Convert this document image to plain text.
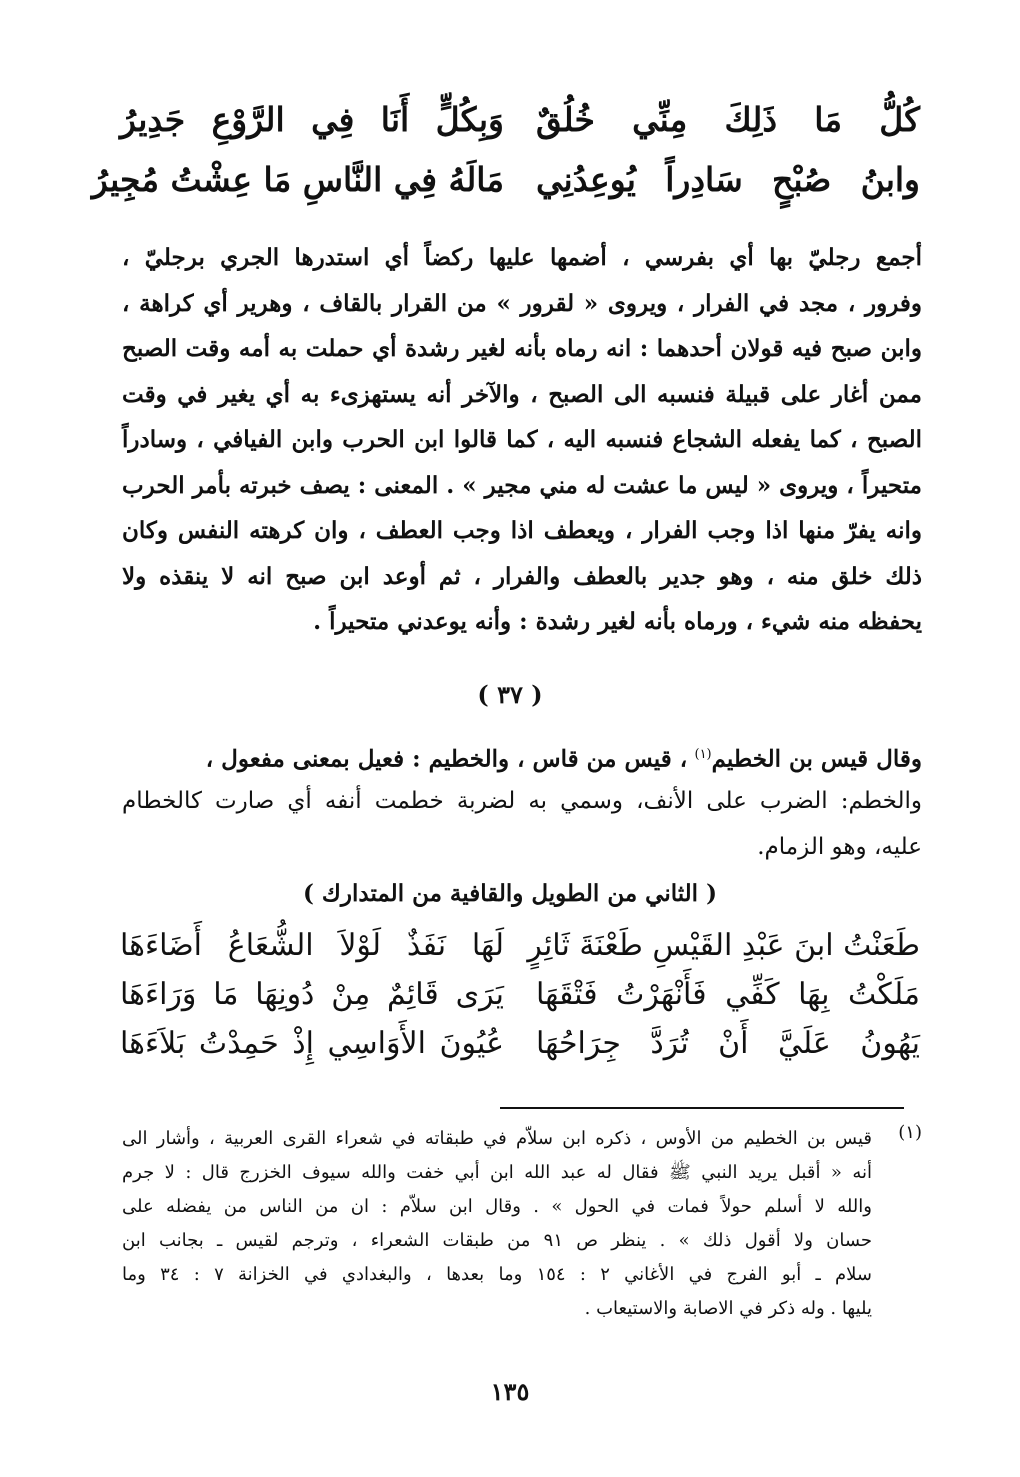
كُلُّ مَا ذَلِكَ مِنِّي خُلُقٌ
وَبِكُلٍّ أَنَا فِي الرَّوْعِ جَدِيرُ
وابنُ صُبْحٍ سَادِراً يُوعِدُنِي
مَالَهُ فِي النَّاسِ مَا عِشْتُ مُجِيرُ
أجمع رجليّ بها أي بفرسي ، أضمها عليها ركضاً أي استدرها الجري برجليّ ،
وفرور ، مجد في الفرار ، ويروى « لقرور » من القرار بالقاف ، وهرير أي كراهة ،
وابن صبح فيه قولان أحدهما : انه رماه بأنه لغير رشدة أي حملت به أمه وقت الصبح
ممن أغار على قبيلة فنسبه الى الصبح ، والآخر أنه يستهزىء به أي يغير في وقت
الصبح ، كما يفعله الشجاع فنسبه اليه ، كما قالوا ابن الحرب وابن الفيافي ، وسادراً
متحيراً ، ويروى « ليس ما عشت له مني مجير » . المعنى : يصف خبرته بأمر الحرب
وانه يفرّ منها اذا وجب الفرار ، ويعطف اذا وجب العطف ، وان كرهته النفس وكان
ذلك خلق منه ، وهو جدير بالعطف والفرار ، ثم أوعد ابن صبح انه لا ينقذه ولا
يحفظه منه شيء ، ورماه بأنه لغير رشدة : وأنه يوعدني متحيراً .
( ٣٧ )
وقال قيس بن الخطيم$^{(١)}$ ، قيس من قاس ، والخطيم : فعيل بمعنى مفعول ،
والخطم: الضرب على الأنف، وسمي به لضربة خطمت أنفه أي صارت كالخطام
عليه، وهو الزمام.
( الثاني من الطويل والقافية من المتدارك )
طَعَنْتُ ابنَ عَبْدِ القَيْسِ طَعْنَةَ ثَائِرٍ
لَهَا نَفَذٌ لَوْلاَ الشُّعَاعُ أَضَاءَهَا
مَلَكْتُ بِهَا كَفِّي فَأَنْهَرْتُ فَتْقَهَا
يَرَى قَائِمٌ مِنْ دُونِهَا مَا وَرَاءَهَا
يَهُونُ عَلَيَّ أَنْ تُرَدَّ جِرَاحُهَا
عُيُونَ الأَوَاسِي إِذْ حَمِدْتُ بَلاَءَهَا
(١)
قيس بن الخطيم من الأوس ، ذكره ابن سلاّم في طبقاته في شعراء القرى العربية ، وأشار الى
أنه « أقبل يريد النبي ﷺ فقال له عبد الله ابن أبي خفت والله سيوف الخزرج قال : لا جرم
والله لا أسلم حولاً فمات في الحول » . وقال ابن سلاّم : ان من الناس من يفضله على
حسان ولا أقول ذلك » . ينظر ص ٩١ من طبقات الشعراء ، وترجم لقيس ـ بجانب ابن
سلام ـ أبو الفرج في الأغاني ٢ : ١٥٤ وما بعدها ، والبغدادي في الخزانة ٧ : ٣٤ وما
يليها . وله ذكر في الاصابة والاستيعاب .
١٣٥
